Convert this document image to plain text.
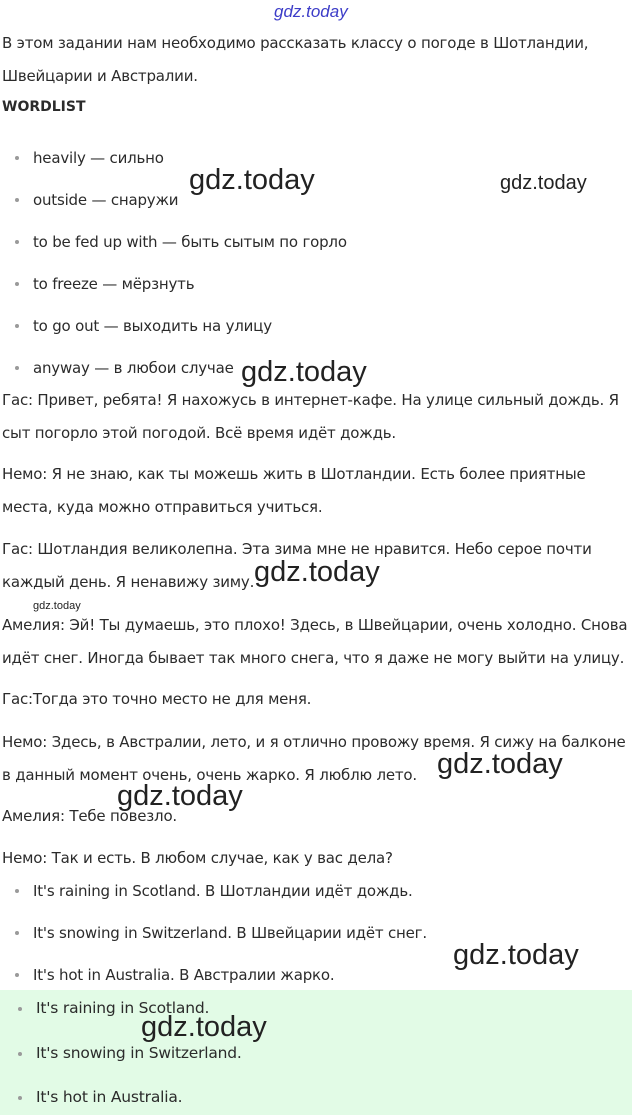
gdz.today
В этом задании нам необходимо рассказать классу о погоде в Шотландии,
Швейцарии и Австралии.
WORDLIST
heavily — сильно
outside — снаружи
to be fed up with — быть сытым по горло
to freeze — мёрзнуть
to go out — выходить на улицу
anyway — в любои случае
Гас: Привет, ребята! Я нахожусь в интернет-кафе. На улице сильный дождь. Я
сыт погорло этой погодой. Всё время идёт дождь.
Немо: Я не знаю, как ты можешь жить в Шотландии. Есть более приятные
места, куда можно отправиться учиться.
Гас: Шотландия великолепна. Эта зима мне не нравится. Небо серое почти
каждый день. Я ненавижу зиму.
Амелия: Эй! Ты думаешь, это плохо! Здесь, в Швейцарии, очень холодно. Снова
идёт снег. Иногда бывает так много снега, что я даже не могу выйти на улицу.
Гас:Тогда это точно место не для меня.
Немо: Здесь, в Австралии, лето, и я отлично провожу время. Я сижу на балконе
в данный момент очень, очень жарко. Я люблю лето.
Амелия: Тебе повезло.
Немо: Так и есть. В любом случае, как у вас дела?
It's raining in Scotland. В Шотландии идёт дождь.
It's snowing in Switzerland. В Швейцарии идёт снег.
It's hot in Australia. В Австралии жарко.
It's raining in Scotland.
It's snowing in Switzerland.
It's hot in Australia.
gdz.today	gdz.today
gdz.today
gdz.today
gdz.today
gdz.today
gdz.today
gdz.today
gdz.today
